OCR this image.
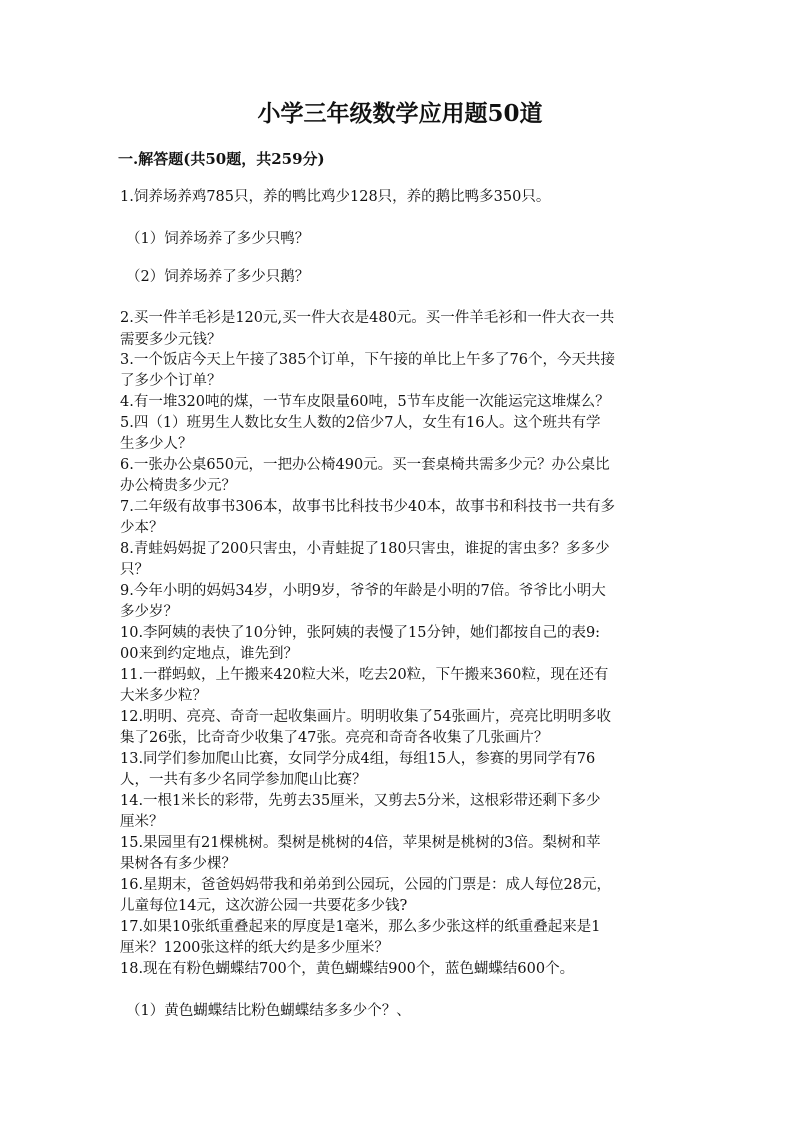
小学三年级数学应用题50道
一.解答题(共50题，共259分)
1.饲养场养鸡785只，养的鸭比鸡少128只，养的鹅比鸭多350只。
（1）饲养场养了多少只鸭？
（2）饲养场养了多少只鹅？
2.买一件羊毛衫是120元,买一件大衣是480元。买一件羊毛衫和一件大衣一共
需要多少元钱？
3.一个饭店今天上午接了385个订单，下午接的单比上午多了76个，今天共接
了多少个订单？
4.有一堆320吨的煤，一节车皮限量60吨，5节车皮能一次能运完这堆煤么？
5.四（1）班男生人数比女生人数的2倍少7人，女生有16人。这个班共有学
生多少人？
6.一张办公桌650元，一把办公椅490元。买一套桌椅共需多少元？办公桌比
办公椅贵多少元？
7.二年级有故事书306本，故事书比科技书少40本，故事书和科技书一共有多
少本？
8.青蛙妈妈捉了200只害虫，小青蛙捉了180只害虫，谁捉的害虫多？多多少
只？
9.今年小明的妈妈34岁，小明9岁，爷爷的年龄是小明的7倍。爷爷比小明大
多少岁？
10.李阿姨的表快了10分钟，张阿姨的表慢了15分钟，她们都按自己的表9:
00来到约定地点，谁先到？
11.一群蚂蚁，上午搬来420粒大米，吃去20粒，下午搬来360粒，现在还有
大米多少粒？
12.明明、亮亮、奇奇一起收集画片。明明收集了54张画片，亮亮比明明多收
集了26张，比奇奇少收集了47张。亮亮和奇奇各收集了几张画片？
13.同学们参加爬山比赛，女同学分成4组，每组15人，参赛的男同学有76
人，一共有多少名同学参加爬山比赛？
14.一根1米长的彩带，先剪去35厘米，又剪去5分米，这根彩带还剩下多少
厘米？
15.果园里有21棵桃树。梨树是桃树的4倍，苹果树是桃树的3倍。梨树和苹
果树各有多少棵？
16.星期末，爸爸妈妈带我和弟弟到公园玩，公园的门票是：成人每位28元，
儿童每位14元，这次游公园一共要花多少钱?
17.如果10张纸重叠起来的厚度是1毫米，那么多少张这样的纸重叠起来是1
厘米？1200张这样的纸大约是多少厘米？
18.现在有粉色蝴蝶结700个，黄色蝴蝶结900个，蓝色蝴蝶结600个。
（1）黄色蝴蝶结比粉色蝴蝶结多多少个？、
